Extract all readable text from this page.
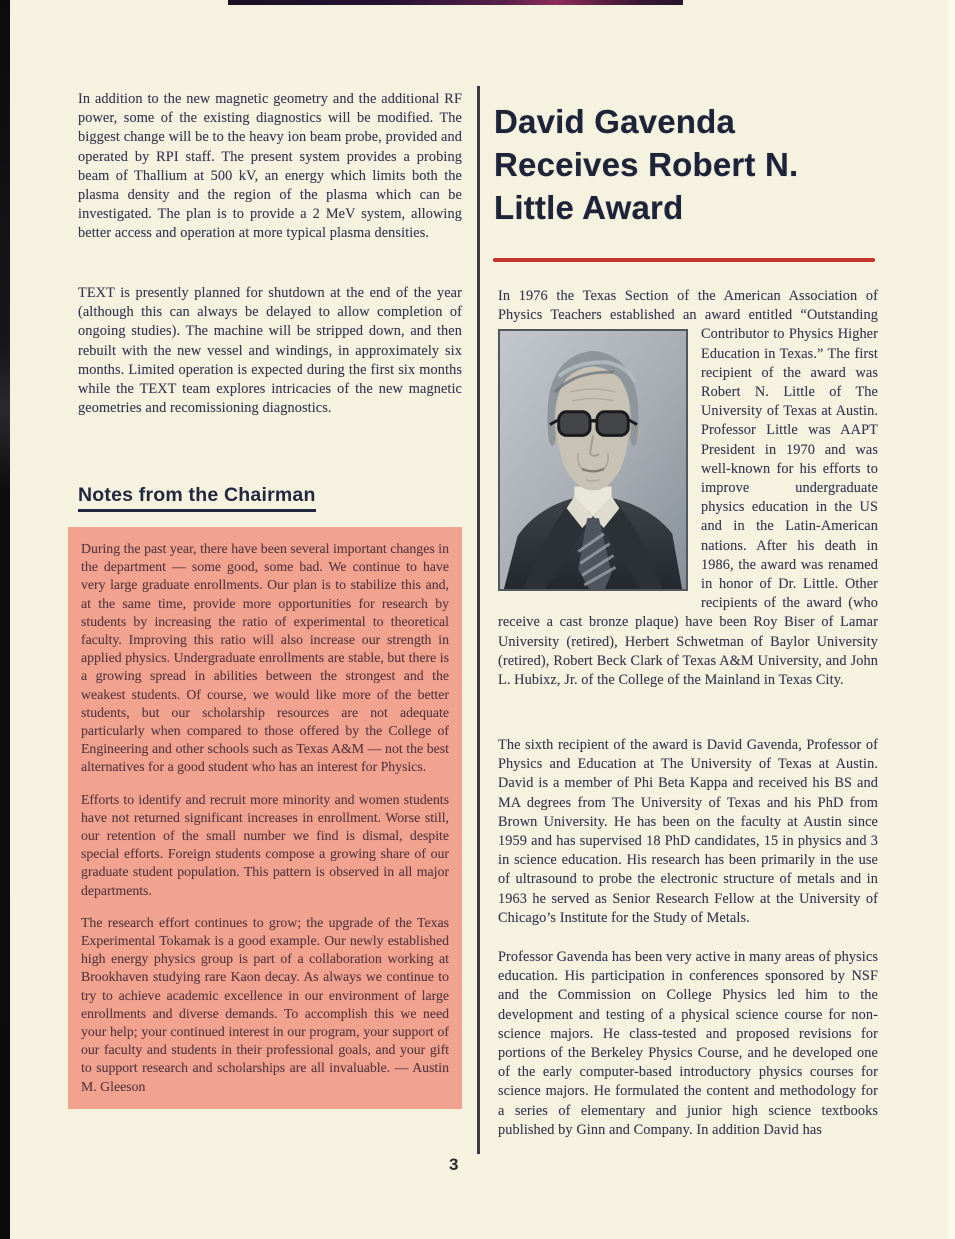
In addition to the new magnetic geometry and the additional RF power, some of the existing diagnostics will be modified. The biggest change will be to the heavy ion beam probe, provided and operated by RPI staff. The present system provides a probing beam of Thallium at 500 kV, an energy which limits both the plasma density and the region of the plasma which can be investigated. The plan is to provide a 2 MeV system, allowing better access and operation at more typical plasma densities.

TEXT is presently planned for shutdown at the end of the year (although this can always be delayed to allow completion of ongoing studies). The machine will be stripped down, and then rebuilt with the new vessel and windings, in approximately six months. Limited operation is expected during the first six months while the TEXT team explores intricacies of the new magnetic geometries and recomissioning diagnostics.

Notes from the Chairman

During the past year, there have been several important changes in the department — some good, some bad. We continue to have very large graduate enrollments. Our plan is to stabilize this and, at the same time, provide more opportunities for research by students by increasing the ratio of experimental to theoretical faculty. Improving this ratio will also increase our strength in applied physics. Undergraduate enrollments are stable, but there is a growing spread in abilities between the strongest and the weakest students. Of course, we would like more of the better students, but our scholarship resources are not adequate particularly when compared to those offered by the College of Engineering and other schools such as Texas A&M — not the best alternatives for a good student who has an interest for Physics.

Efforts to identify and recruit more minority and women students have not returned significant increases in enrollment. Worse still, our retention of the small number we find is dismal, despite special efforts. Foreign students compose a growing share of our graduate student population. This pattern is observed in all major departments.

The research effort continues to grow; the upgrade of the Texas Experimental Tokamak is a good example. Our newly established high energy physics group is part of a collaboration working at Brookhaven studying rare Kaon decay. As always we continue to try to achieve academic excellence in our environment of large enrollments and diverse demands. To accomplish this we need your help; your continued interest in our program, your support of our faculty and students in their professional goals, and your gift to support research and scholarships are all invaluable. — Austin M. Gleeson

David Gavenda Receives Robert N. Little Award

In 1976 the Texas Section of the American Association of Physics Teachers established an award entitled “Outstanding
Contributor to Physics Higher Education in Texas.” The first recipient of the award was Robert N. Little of The University of Texas at Austin. Professor Little was AAPT President in 1970 and was well-known for his efforts to improve undergraduate physics education in the US and in the Latin-American nations. After his death in 1986, the award was renamed in honor of Dr. Little. Other recipients of the award (who receive a cast bronze plaque) have been Roy Biser of Lamar University (retired), Herbert Schwetman of Baylor University (retired), Robert Beck Clark of Texas A&M University, and John L. Hubixz, Jr. of the College of the Mainland in Texas City.

The sixth recipient of the award is David Gavenda, Professor of Physics and Education at The University of Texas at Austin. David is a member of Phi Beta Kappa and received his BS and MA degrees from The University of Texas and his PhD from Brown University. He has been on the faculty at Austin since 1959 and has supervised 18 PhD candidates, 15 in physics and 3 in science education. His research has been primarily in the use of ultrasound to probe the electronic structure of metals and in 1963 he served as Senior Research Fellow at the University of Chicago’s Institute for the Study of Metals.

Professor Gavenda has been very active in many areas of physics education. His participation in conferences sponsored by NSF and the Commission on College Physics led him to the development and testing of a physical science course for non-science majors. He class-tested and proposed revisions for portions of the Berkeley Physics Course, and he developed one of the early computer-based introductory physics courses for science majors. He formulated the content and methodology for a series of elementary and junior high science textbooks published by Ginn and Company. In addition David has

3
